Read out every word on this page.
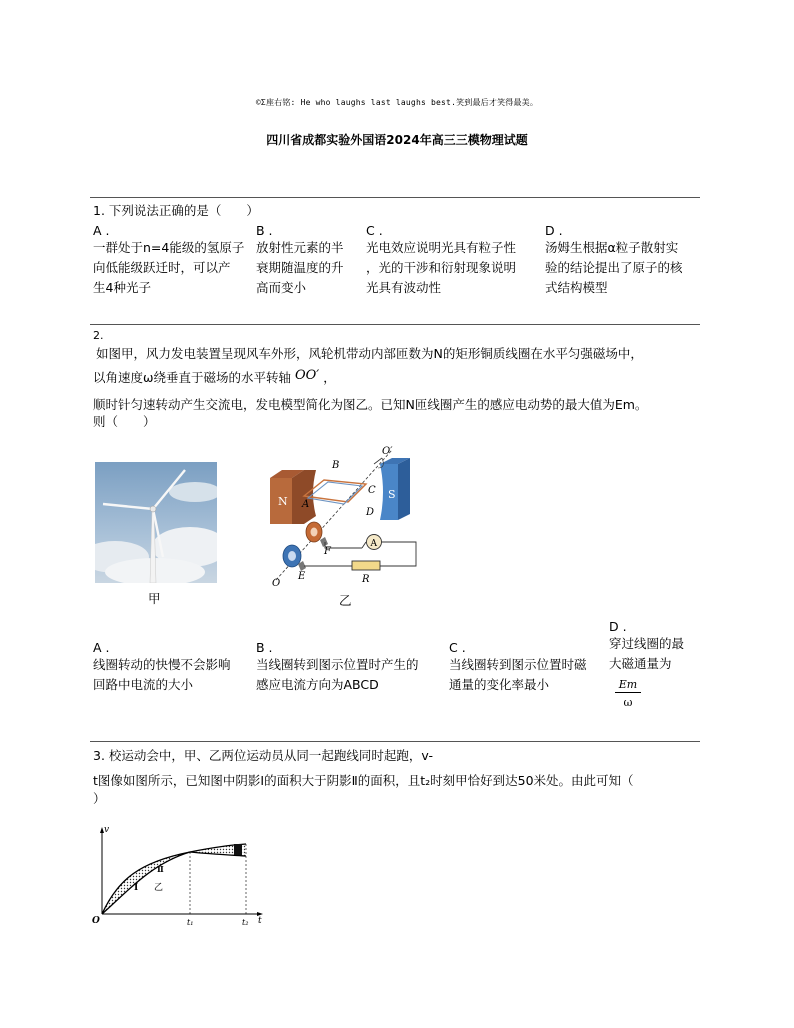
©Ʃ座右铭: He who laughs last laughs best.笑到最后才笑得最美。
四川省成都实验外国语2024年高三三模物理试题
1. 下列说法正确的是（　　）
A .
一群处于n=4能级的氢原子
向低能级跃迁时，可以产
生4种光子
B .
放射性元素的半
衰期随温度的升
高而变小
C .
光电效应说明光具有粒子性
，光的干涉和衍射现象说明
光具有波动性
D .
汤姆生根据α粒子散射实
验的结论提出了原子的核
式结构模型
2.
如图甲，风力发电装置呈现风车外形，风轮机带动内部匝数为N的矩形铜质线圈在水平匀强磁场中，
以角速度ω绕垂直于磁场的水平转轴 OO′ ，
顺时针匀速转动产生交流电，发电模型简化为图乙。已知N匝线圈产生的感应电动势的最大值为Em。
则（　　）
甲
N
S
A
B
A
C
D
F
E	R
O
O′
乙
A .
线圈转动的快慢不会影响
回路中电流的大小
B .
当线圈转到图示位置时产生的
感应电流方向为ABCD
C .
当线圈转到图示位置时磁
通量的变化率最小
D .
穿过线圈的最
大磁通量为
Em
ω
3. 校运动会中，甲、乙两位运动员从同一起跑线同时起跑，v-
t图像如图所示，已知图中阴影Ⅰ的面积大于阴影Ⅱ的面积，且t₂时刻甲恰好到达50米处。由此可知（
）
v
t
O	t₁	t₂
Ⅰ
Ⅱ
乙
